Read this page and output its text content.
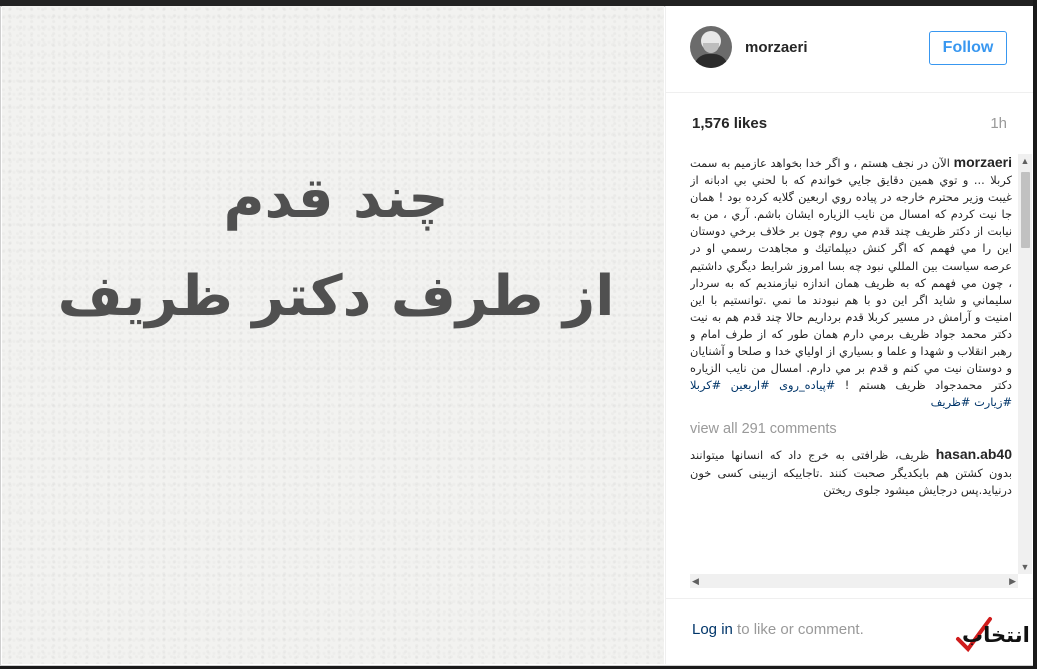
چند قدم
از طرف دکتر ظریف
morzaeri	Follow
1,576 likes	1h
morzaeri الآن در نجف هستم ، و اگر خدا بخواهد عازمیم به سمت کربلا ... و توي همین دقایق جایي خواندم که با لحني بي ادبانه از غیبت وزیر محترم خارجه در پیاده روي اربعین گلایه کرده بود ! همان جا نیت کردم که امسال من نایب الزیاره ایشان باشم. آري ، من به نیابت از دکتر ظریف چند قدم مي روم چون بر خلاف برخي دوستان این را مي فهمم که اگر کنش دیپلماتیك و مجاهدت رسمي او در عرصه سیاست بین المللي نبود چه بسا امروز شرایط دیگري داشتیم ، چون مي فهمم که به ظریف همان اندازه نیازمندیم که به سردار سلیماني و شاید اگر این دو با هم نبودند ما نمي .توانستیم با این امنیت و آرامش در مسیر کربلا قدم برداریم حالا چند قدم هم به نیت دکتر محمد جواد ظریف برمي دارم همان طور که از طرف امام و رهبر انقلاب و شهدا و علما و بسیاري از اولیاي خدا و صلحا و آشنایان و دوستان نیت مي کنم و قدم بر مي دارم. امسال من نایب الزیاره دکتر محمدجواد ظریف هستم ! #پیاده_روی #اربعین #کربلا #زیارت #ظریف
view all 291 comments
hasan.ab40 ظریف، ظرافتی به خرج داد که انسانها میتوانند بدون کشتن هم بایکدیگر صحبت کنند .تاجاییکه ازبینی کسی خون درنیاید.پس درجایش میشود جلوی ریختن
▲
▼
◀	▶
Log in to like or comment.	انتخاب
